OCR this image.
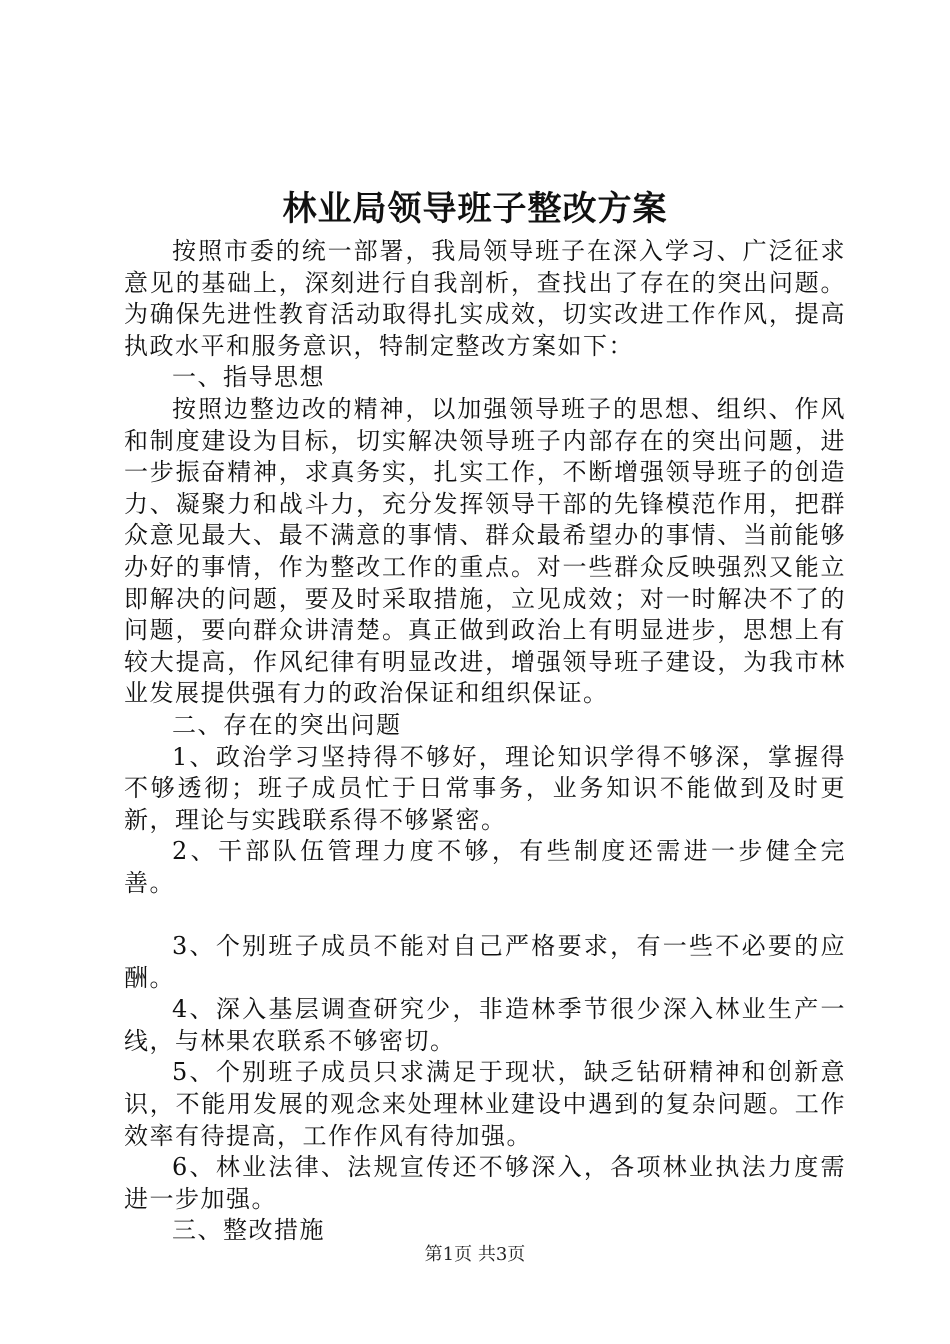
林业局领导班子整改方案

按照市委的统一部署，我局领导班子在深入学习、广泛征求意见的基础上，深刻进行自我剖析，查找出了存在的突出问题。为确保先进性教育活动取得扎实成效，切实改进工作作风，提高执政水平和服务意识，特制定整改方案如下：

一、指导思想

按照边整边改的精神，以加强领导班子的思想、组织、作风和制度建设为目标，切实解决领导班子内部存在的突出问题，进一步振奋精神，求真务实，扎实工作，不断增强领导班子的创造力、凝聚力和战斗力，充分发挥领导干部的先锋模范作用，把群众意见最大、最不满意的事情、群众最希望办的事情、当前能够办好的事情，作为整改工作的重点。对一些群众反映强烈又能立即解决的问题，要及时采取措施，立见成效；对一时解决不了的问题，要向群众讲清楚。真正做到政治上有明显进步，思想上有较大提高，作风纪律有明显改进，增强领导班子建设，为我市林业发展提供强有力的政治保证和组织保证。

二、存在的突出问题

1、政治学习坚持得不够好，理论知识学得不够深，掌握得不够透彻；班子成员忙于日常事务，业务知识不能做到及时更新，理论与实践联系得不够紧密。

2、干部队伍管理力度不够，有些制度还需进一步健全完善。

3、个别班子成员不能对自己严格要求，有一些不必要的应酬。

4、深入基层调查研究少，非造林季节很少深入林业生产一线，与林果农联系不够密切。

5、个别班子成员只求满足于现状，缺乏钻研精神和创新意识，不能用发展的观念来处理林业建设中遇到的复杂问题。工作效率有待提高，工作作风有待加强。

6、林业法律、法规宣传还不够深入，各项林业执法力度需进一步加强。

三、整改措施

第1页 共3页
